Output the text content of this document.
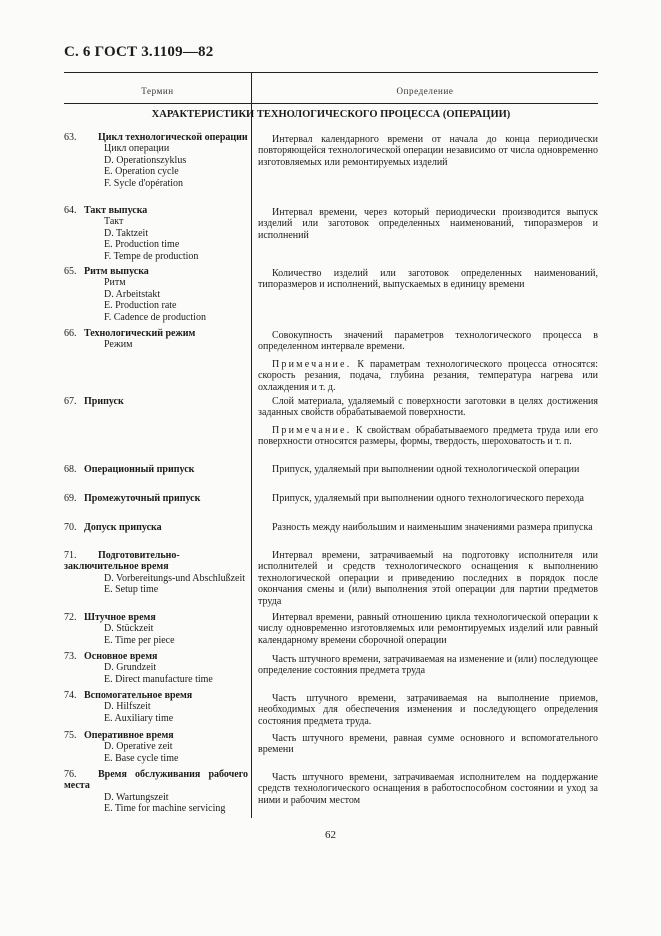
С. 6 ГОСТ 3.1109—82
Термин	Определение
ХАРАКТЕРИСТИКИ ТЕХНОЛОГИЧЕСКОГО ПРОЦЕССА (ОПЕРАЦИИ)
63. Цикл технологической операции
Цикл операции
D. Operationszyklus
E. Operation cycle
F. Sycle d'opération

Интервал календарного времени от начала до конца периодически повторяющейся технологической операции независимо от числа одновременно изготовляемых или ремонтируемых изделий

64. Такт выпуска
Такт
D. Taktzeit
E. Production time
F. Tempe de production

Интервал времени, через который периодически производится выпуск изделий или заготовок определенных наименований, типоразмеров и исполнений

65. Ритм выпуска
Ритм
D. Arbeitstakt
E. Production rate
F. Cadence de production

Количество изделий или заготовок определенных наименований, типоразмеров и исполнений, выпускаемых в единицу времени

66. Технологический режим
Режим

Совокупность значений параметров технологического процесса в определенном интервале времени.

Примечание. К параметрам технологического процесса относятся: скорость резания, подача, глубина резания, температура нагрева или охлаждения и т. д.

67. Припуск	Слой материала, удаляемый с поверхности заготовки в целях достижения заданных свойств обрабатываемой поверхности.

Примечание. К свойствам обрабатываемого предмета труда или его поверхности относятся размеры, формы, твердость, шероховатость и т. п.

68. Операционный припуск	Припуск, удаляемый при выполнении одной технологической операции

69. Промежуточный припуск	Припуск, удаляемый при выполнении одного технологического перехода

70. Допуск припуска	Разность между наибольшим и наименьшим значениями размера припуска

71. Подготовительно-заключительное время
D. Vorbereitungs-und Abschlußzeit
E. Setup time

Интервал времени, затрачиваемый на подготовку исполнителя или исполнителей и средств технологического оснащения к выполнению технологической операции и приведению последних в порядок после окончания смены и (или) выполнения этой операции для партии предметов труда

72. Штучное время
D. Stückzeit
E. Time per piece

Интервал времени, равный отношению цикла технологической операции к числу одновременно изготовляемых или ремонтируемых изделий или равный календарному времени сборочной операции

73. Основное время
D. Grundzeit
E. Direct manufacture time

Часть штучного времени, затрачиваемая на изменение и (или) последующее определение состояния предмета труда

74. Вспомогательное время
D. Hilfszeit
E. Auxiliary time

Часть штучного времени, затрачиваемая на выполнение приемов, необходимых для обеспечения изменения и последующего определения состояния предмета труда.

75. Оперативное время
D. Operative zeit
E. Base cycle time

Часть штучного времени, равная сумме основного и вспомогательного времени

76. Время обслуживания рабочего места
D. Wartungszeit
E. Time for machine servicing

Часть штучного времени, затрачиваемая исполнителем на поддержание средств технологического оснащения в работоспособном состоянии и уход за ними и рабочим местом

62
